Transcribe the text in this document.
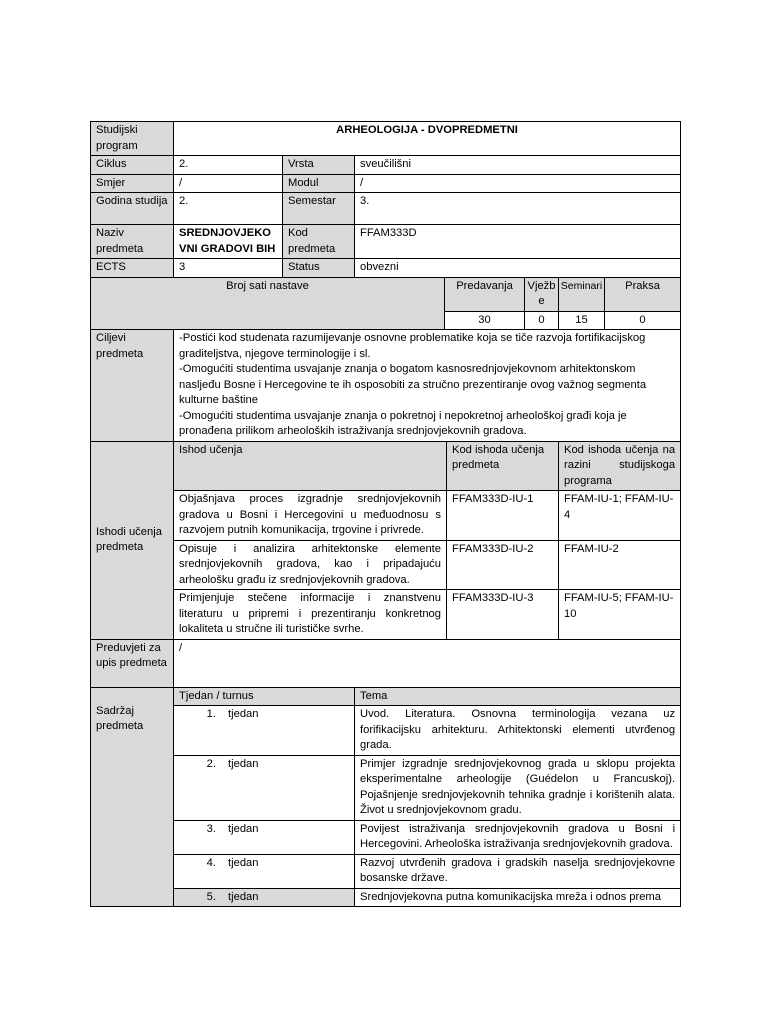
Studijski program	ARHEOLOGIJA - DVOPREDMETNI							
Ciklus	2.	Vrsta	sveučilišni					
Smjer	/	Modul	/					
Godina studija	2.	Semestar	3.					
Naziv predmeta	SREDNJOVJEKOVNI GRADOVI BIH	Kod predmeta	FFAM333D					
ECTS	3	Status	obvezni					
Broj sati nastave				Predavanja		Vježbe	Seminari	Praksa
				30		0	15	0
Ciljevi predmeta	-Postići kod studenata razumijevanje osnovne problematike koja se tiče razvoja fortifikacijskog graditeljstva, njegove terminologije i sl.
-Omogućiti studentima usvajanje znanja o bogatom kasnosrednjovjekovnom arhitektonskom nasljeđu Bosne i Hercegovine te ih osposobiti za stručno prezentiranje ovog važnog segmenta kulturne baštine
-Omogućiti studentima usvajanje znanja o pokretnoj i nepokretnoj arheološkoj građi koja je pronađena prilikom arheoloških istraživanja srednjovjekovnih gradova.							
Ishodi učenja predmeta	Ishod učenja				Kod ishoda učenja predmeta		Kod ishoda učenja na razini studijskoga programa	
	Objašnjava proces izgradnje srednjovjekovnih gradova u Bosni i Hercegovini u međuodnosu s razvojem putnih komunikacija, trgovine i privrede.				FFAM333D-IU-1		FFAM-IU-1; FFAM-IU-4	
	Opisuje i analizira arhitektonske elemente srednjovjekovnih gradova, kao i pripadajuću arheološku građu iz srednjovjekovnih gradova.				FFAM333D-IU-2		FFAM-IU-2	
	Primjenjuje stečene informacije i znanstvenu literaturu u pripremi i prezentiranju konkretnog lokaliteta u stručne ili turističke svrhe.				FFAM333D-IU-3		FFAM-IU-5; FFAM-IU-10	
Preduvjeti za upis predmeta	/							
Sadržaj predmeta	Tjedan / turnus		Tema					
	1. tjedan		Uvod. Literatura. Osnovna terminologija vezana uz forifikacijsku arhitekturu. Arhitektonski elementi utvrđenog grada.					
	2. tjedan		Primjer izgradnje srednjovjekovnog grada u sklopu projekta eksperimentalne arheologije (Guédelon u Francuskoj). Pojašnjenje srednjovjekovnih tehnika gradnje i korištenih alata. Život u srednjovjekovnom gradu.					
	3. tjedan		Povijest istraživanja srednjovjekovnih gradova u Bosni i Hercegovini. Arheološka istraživanja srednjovjekovnih gradova.					
	4. tjedan		Razvoj utvrđenih gradova i gradskih naselja srednjovjekovne bosanske države.					
	5. tjedan		Srednjovjekovna putna komunikacijska mreža i odnos prema					
